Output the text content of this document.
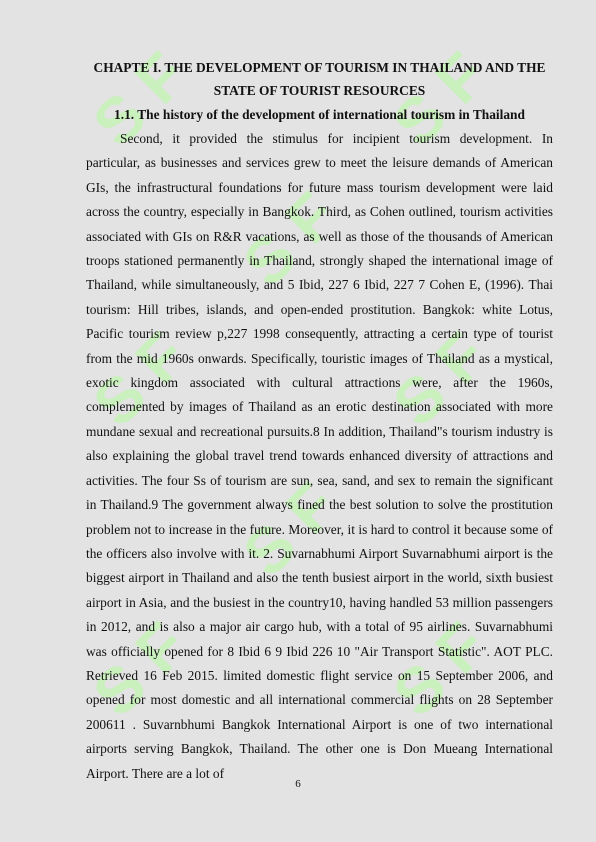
S F	S F
S F	S F
S F	S F
S F
S F
CHAPTE I. THE DEVELOPMENT OF TOURISM IN THAILAND AND THE STATE OF TOURIST RESOURCES
1.1. The history of the development of international tourism in Thailand

Second, it provided the stimulus for incipient tourism development. In particular, as businesses and services grew to meet the leisure demands of American GIs, the infrastructural foundations for future mass tourism development were laid across the country, especially in Bangkok. Third, as Cohen outlined, tourism activities associated with GIs on R&R vacations, as well as those of the thousands of American troops stationed permanently in Thailand, strongly shaped the international image of Thailand, while simultaneously, and 5 Ibid, 227 6 Ibid, 227 7 Cohen E, (1996). Thai tourism: Hill tribes, islands, and open-ended prostitution. Bangkok: white Lotus, Pacific tourism review p,227 1998 consequently, attracting a certain type of tourist from the mid 1960s onwards. Specifically, touristic images of Thailand as a mystical, exotic kingdom associated with cultural attractions were, after the 1960s, complemented by images of Thailand as an erotic destination associated with more mundane sexual and recreational pursuits.8 In addition, Thailand"s tourism industry is also explaining the global travel trend towards enhanced diversity of attractions and activities. The four Ss of tourism are sun, sea, sand, and sex to remain the significant in Thailand.9 The government always fined the best solution to solve the prostitution problem not to increase in the future. Moreover, it is hard to control it because some of the officers also involve with it. 2. Suvarnabhumi Airport Suvarnabhumi airport is the biggest airport in Thailand and also the tenth busiest airport in the world, sixth busiest airport in Asia, and the busiest in the country10, having handled 53 million passengers in 2012, and is also a major air cargo hub, with a total of 95 airlines. Suvarnabhumi was officially opened for 8 Ibid 6 9 Ibid 226 10 "Air Transport Statistic". AOT PLC. Retrieved 16 Feb 2015. limited domestic flight service on 15 September 2006, and opened for most domestic and all international commercial flights on 28 September 200611 . Suvarnbhumi Bangkok International Airport is one of two international airports serving Bangkok, Thailand. The other one is Don Mueang International Airport. There are a lot of

6
